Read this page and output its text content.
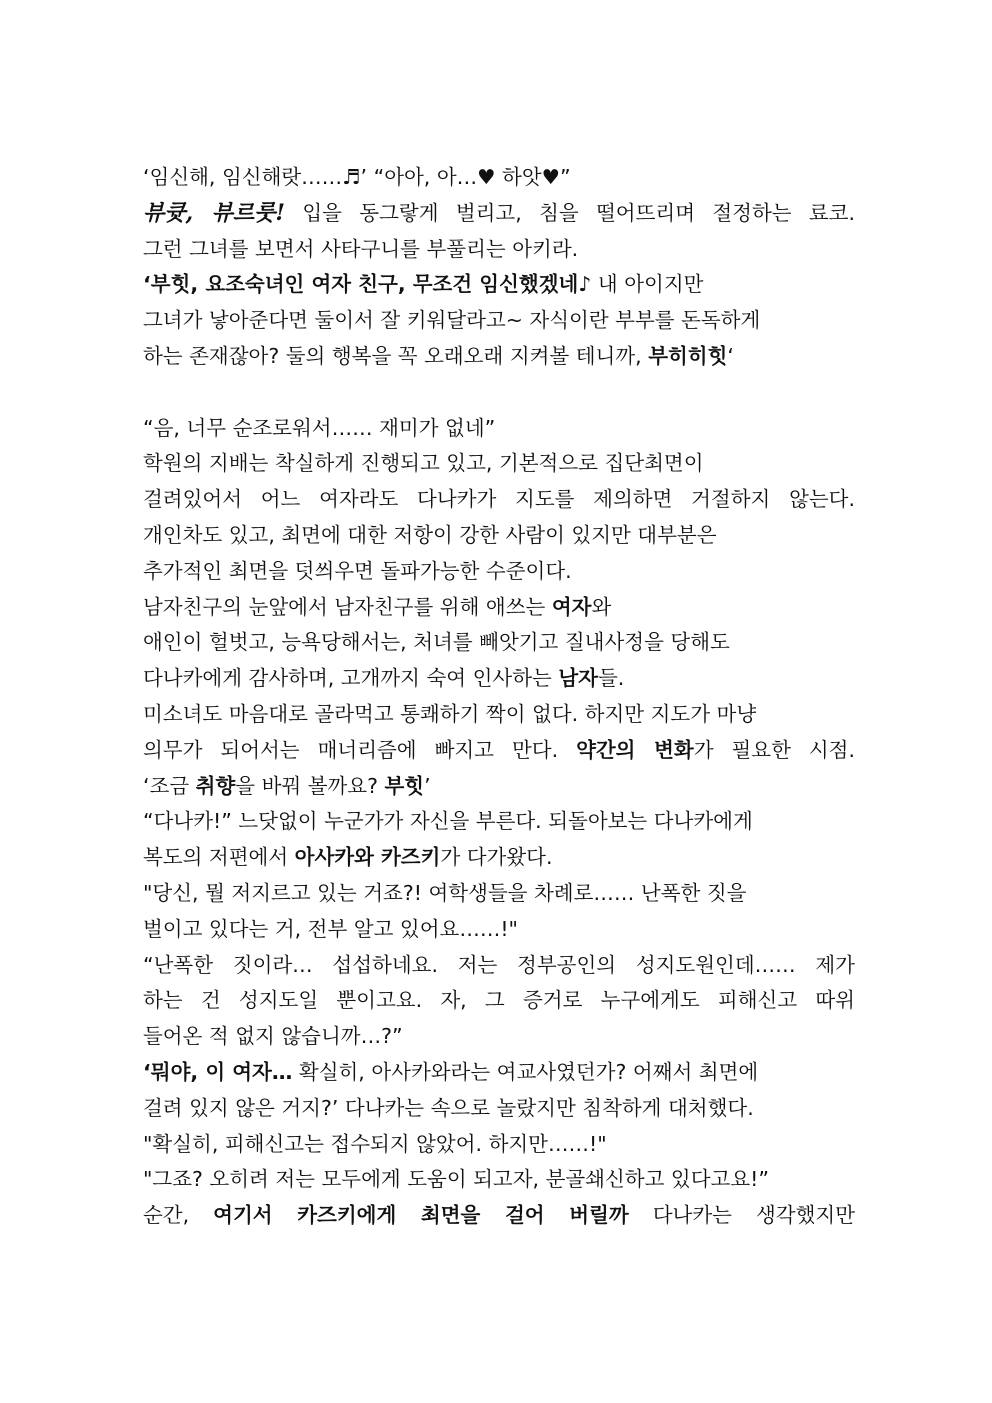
‘임신해, 임신해랏……♬’ “아아, 아…♥ 하앗♥”
뷰큣, 뷰르룻! 입을 동그랗게 벌리고, 침을 떨어뜨리며 절정하는 료코.
그런 그녀를 보면서 사타구니를 부풀리는 아키라.
‘부힛, 요조숙녀인 여자 친구, 무조건 임신했겠네♪ 내 아이지만
그녀가 낳아준다면 둘이서 잘 키워달라고~ 자식이란 부부를 돈독하게
하는 존재잖아? 둘의 행복을 꼭 오래오래 지켜볼 테니까, 부히히힛‘
“음, 너무 순조로워서…… 재미가 없네”
학원의 지배는 착실하게 진행되고 있고, 기본적으로 집단최면이
걸려있어서 어느 여자라도 다나카가 지도를 제의하면 거절하지 않는다.
개인차도 있고, 최면에 대한 저항이 강한 사람이 있지만 대부분은
추가적인 최면을 덧씌우면 돌파가능한 수준이다.
남자친구의 눈앞에서 남자친구를 위해 애쓰는 여자와
애인이 헐벗고, 능욕당해서는, 처녀를 빼앗기고 질내사정을 당해도
다나카에게 감사하며, 고개까지 숙여 인사하는 남자들.
미소녀도 마음대로 골라먹고 통쾌하기 짝이 없다. 하지만 지도가 마냥
의무가 되어서는 매너리즘에 빠지고 만다. 약간의 변화가 필요한 시점.
‘조금 취향을 바꿔 볼까요? 부힛’
“다나카!” 느닷없이 누군가가 자신을 부른다. 되돌아보는 다나카에게
복도의 저편에서 아사카와 카즈키가 다가왔다.
"당신, 뭘 저지르고 있는 거죠?! 여학생들을 차례로…… 난폭한 짓을
벌이고 있다는 거, 전부 알고 있어요……!"
“난폭한 짓이라… 섭섭하네요. 저는 정부공인의 성지도원인데…… 제가
하는 건 성지도일 뿐이고요. 자, 그 증거로 누구에게도 피해신고 따위
들어온 적 없지 않습니까…?”
‘뭐야, 이 여자… 확실히, 아사카와라는 여교사였던가? 어째서 최면에
걸려 있지 않은 거지?’ 다나카는 속으로 놀랐지만 침착하게 대처했다.
"확실히, 피해신고는 접수되지 않았어. 하지만……!"
"그죠? 오히려 저는 모두에게 도움이 되고자, 분골쇄신하고 있다고요!”
순간, 여기서 카즈키에게 최면을 걸어 버릴까 다나카는 생각했지만
